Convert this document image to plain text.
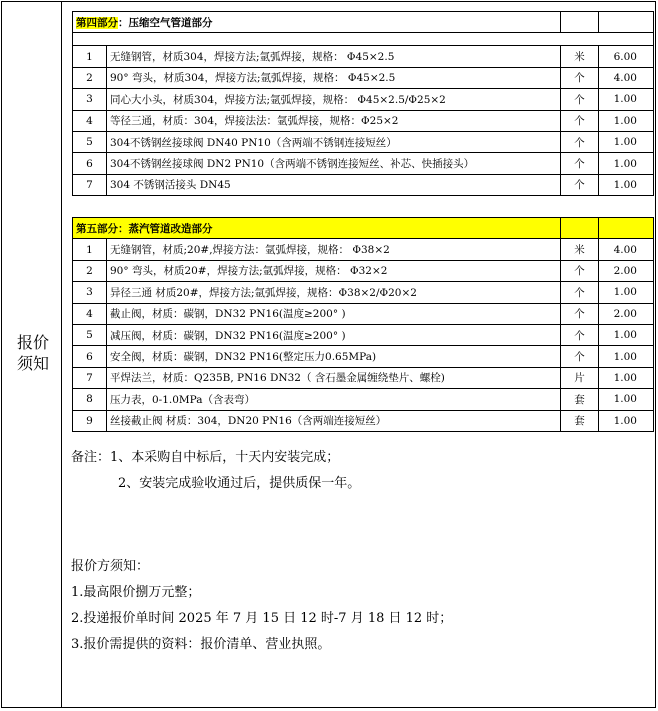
报价
须知
第四部分：压缩空气管道部分			

1	无缝钢管，材质304，焊接方法;氩弧焊接，规格： Φ45×2.5	米	6.00
2	90° 弯头，材质304，焊接方法;氩弧焊接，规格： Φ45×2.5	个	4.00
3	同心大小头，材质304，焊接方法;氩弧焊接，规格： Φ45×2.5/Φ25×2	个	1.00
4	等径三通，材质：304，焊接法法：氩弧焊接，规格：Φ25×2	个	1.00
5	304不锈钢丝接球阀 DN40 PN10（含两端不锈钢连接短丝）	个	1.00
6	304不锈钢丝接球阀 DN2 PN10（含两端不锈钢连接短丝、补芯、快插接头）	个	1.00
7	304 不锈钢活接头 DN45	个	1.00
第五部分：蒸汽管道改造部分			
1	无缝钢管，材质;20#,焊接方法：氩弧焊接，规格： Φ38×2	米	4.00
2	90° 弯头，材质20#，焊接方法;氩弧焊接，规格： Φ32×2	个	2.00
3	异径三通 材质20#，焊接方法;氩弧焊接，规格：Φ38×2/Φ20×2	个	1.00
4	截止阀，材质：碳钢，DN32 PN16(温度≥200° )	个	2.00
5	减压阀，材质：碳钢，DN32 PN16(温度≥200° )	个	1.00
6	安全阀，材质：碳钢，DN32 PN16(整定压力0.65MPa)	个	1.00
7	平焊法兰，材质：Q235B, PN16 DN32（ 含石墨金属缠绕垫片、螺栓)	片	1.00
8	压力表，0-1.0MPa（含表弯）	套	1.00
9	丝接截止阀 材质：304，DN20 PN16（含两端连接短丝）	套	1.00
备注：1、本采购自中标后，十天内安装完成；
2、安装完成验收通过后，提供质保一年。
报价方须知：
1.最高限价捌万元整；
2.投递报价单时间 2025 年 7 月 15 日 12 时-7 月 18 日 12 时；
3.报价需提供的资料：报价清单、营业执照。
